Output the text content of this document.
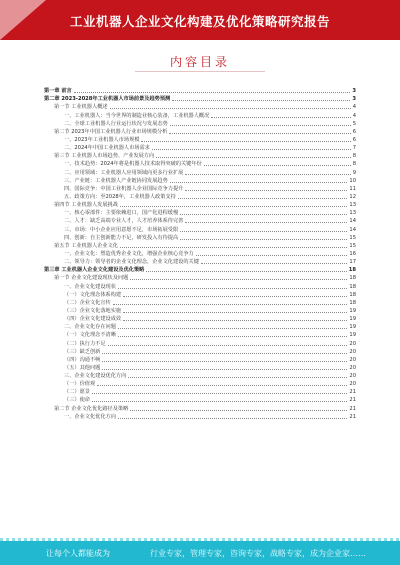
工业机器人企业文化构建及优化策略研究报告
内容目录
第一章 前言	3
第二章 2023-2028年工业机器人市场前景及趋势预测	3
第一节 工业机器人概述	4
一、工业机器人：当今世界的制造业核心装备，工业机器人概况	4
二、全球工业机器人行业运行状况与发展态势	5
第二节 2023年中国工业机器人行业市场规模分析	6
一、2023年工业机器人市场规模	6
二、2024年中国工业机器人市场需求	7
第三节 工业机器人市场趋势、产业发展方向	8
一、技术趋势：2024年将是机器人技术取得突破的关键年份	8
二、应用领域：工业机器人应用领域向更多行业扩展	9
三、产业链：工业机器人产业链协同发展趋势	10
四、国际竞争：中国工业机器人企业国际竞争力提升	11
五、政策方向：至2028年，工业机器人政策支持	12
第四节 工业机器人发展挑战	13
一、核心零部件：主要依赖进口，国产化进程缓慢	13
二、人才：缺乏高端专业人才，人才培养体系待完善	14
三、市场：中小企业应用意愿不足，市场拓展受限	14
四、创新：自主创新能力不足，研发投入有待提高	15
第五节 工业机器人企业文化	15
一、企业文化：塑造优秀企业文化，增强企业核心竞争力	16
二、领导力：领导者的企业文化理念，企业文化建设的关键	17
第三章 工业机器人企业文化建设及优化策略	18
第一节 企业文化建设现状及问题	18
一、企业文化建设现状	18
（一）文化理念体系构建	18
（二）企业文化宣传	18
（三）企业文化落地实施	19
（四）企业文化建设成效	19
二、企业文化存在问题	19
（一）文化理念不清晰	19
（二）执行力不足	20
（三）缺乏创新	20
（四）沟通不畅	20
（五）其他问题	20
三、企业文化建设优化方向	20
（一）价值观	20
（二）愿景	21
（三）使命	21
第二节 企业文化优化路径及策略	21
一、企业文化优化方向	21
让每个人都能成为	行业专家，管理专家，咨询专家，战略专家，成为企业家……
